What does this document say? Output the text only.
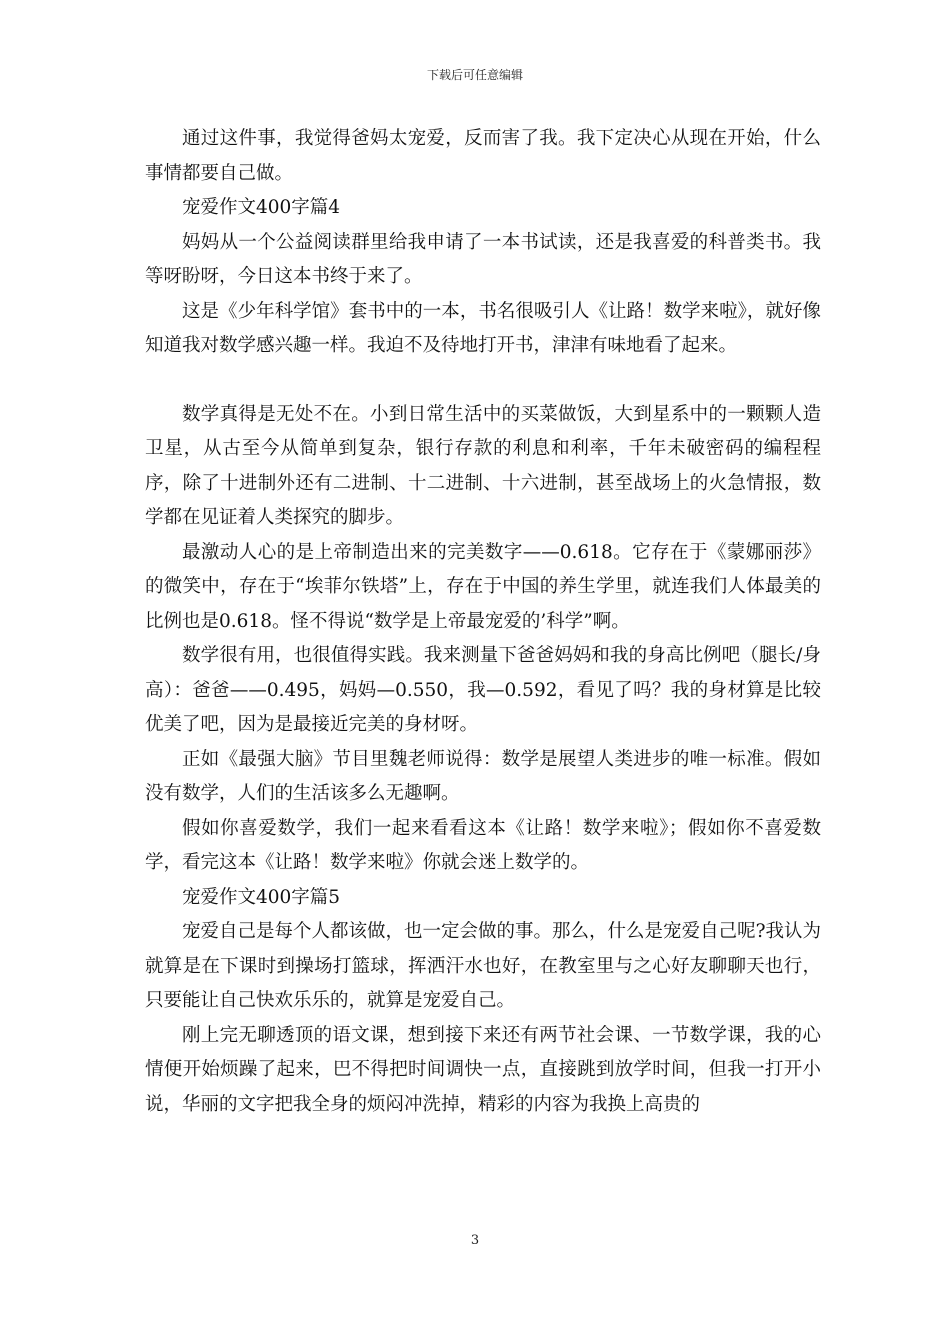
下载后可任意编辑

通过这件事，我觉得爸妈太宠爱，反而害了我。我下定决心从现在开始，什么事情都要自己做。

宠爱作文400字篇4

妈妈从一个公益阅读群里给我申请了一本书试读，还是我喜爱的科普类书。我等呀盼呀，今日这本书终于来了。

这是《少年科学馆》套书中的一本，书名很吸引人《让路！数学来啦》，就好像知道我对数学感兴趣一样。我迫不及待地打开书，津津有味地看了起来。

数学真得是无处不在。小到日常生活中的买菜做饭，大到星系中的一颗颗人造卫星，从古至今从简单到复杂，银行存款的利息和利率，千年未破密码的编程程序，除了十进制外还有二进制、十二进制、十六进制，甚至战场上的火急情报，数学都在见证着人类探究的脚步。

最激动人心的是上帝制造出来的完美数字——0.618。它存在于《蒙娜丽莎》的微笑中，存在于“埃菲尔铁塔”上，存在于中国的养生学里，就连我们人体最美的比例也是0.618。怪不得说“数学是上帝最宠爱的’科学”啊。

数学很有用，也很值得实践。我来测量下爸爸妈妈和我的身高比例吧（腿长/身高）：爸爸——0.495，妈妈—0.550，我—0.592，看见了吗？我的身材算是比较优美了吧，因为是最接近完美的身材呀。

正如《最强大脑》节目里魏老师说得：数学是展望人类进步的唯一标准。假如没有数学，人们的生活该多么无趣啊。

假如你喜爱数学，我们一起来看看这本《让路！数学来啦》；假如你不喜爱数学，看完这本《让路！数学来啦》你就会迷上数学的。

宠爱作文400字篇5

宠爱自己是每个人都该做，也一定会做的事。那么，什么是宠爱自己呢?我认为就算是在下课时到操场打篮球，挥洒汗水也好，在教室里与之心好友聊聊天也行，只要能让自己快欢乐乐的，就算是宠爱自己。

刚上完无聊透顶的语文课，想到接下来还有两节社会课、一节数学课，我的心情便开始烦躁了起来，巴不得把时间调快一点，直接跳到放学时间，但我一打开小说，华丽的文字把我全身的烦闷冲洗掉，精彩的内容为我换上高贵的

3
